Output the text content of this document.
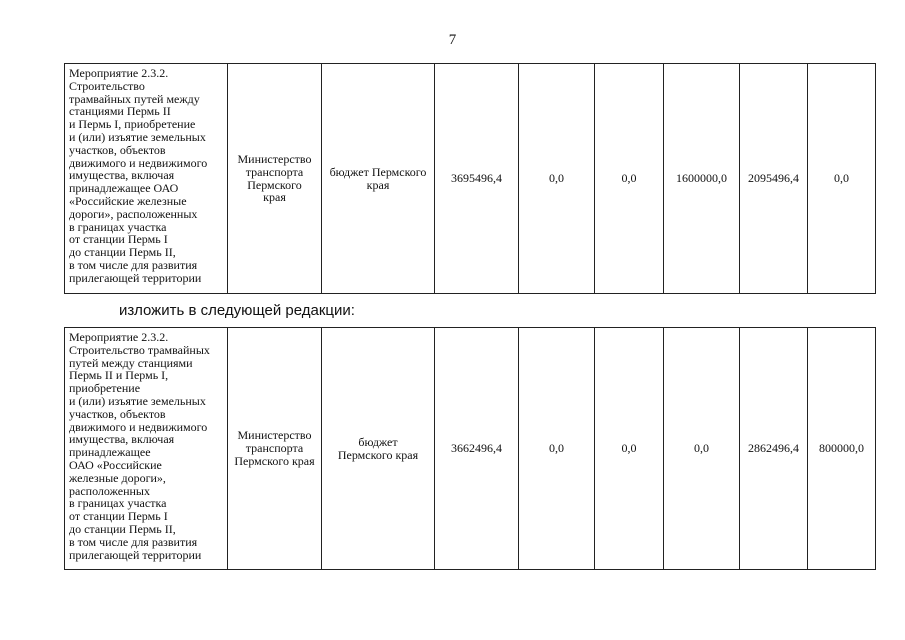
7
Мероприятие 2.3.2.
Строительство
трамвайных путей между
станциями Пермь II
и Пермь I, приобретение
и (или) изъятие земельных
участков, объектов
движимого и недвижимого
имущества, включая
принадлежащее ОАО
«Российские железные
дороги», расположенных
в границах участка
от станции Пермь I
до станции Пермь II,
в том числе для развития
прилегающей территории	Министерство
транспорта
Пермского
края	бюджет Пермского
края	3695496,4	0,0	0,0	1600000,0	2095496,4	0,0
изложить в следующей редакции:
Мероприятие 2.3.2.
Строительство трамвайных
путей между станциями
Пермь II и Пермь I,
приобретение
и (или) изъятие земельных
участков, объектов
движимого и недвижимого
имущества, включая
принадлежащее
ОАО «Российские
железные дороги»,
расположенных
в границах участка
от станции Пермь I
до станции Пермь II,
в том числе для развития
прилегающей территории	Министерство
транспорта
Пермского края	бюджет
Пермского края	3662496,4	0,0	0,0	0,0	2862496,4	800000,0
